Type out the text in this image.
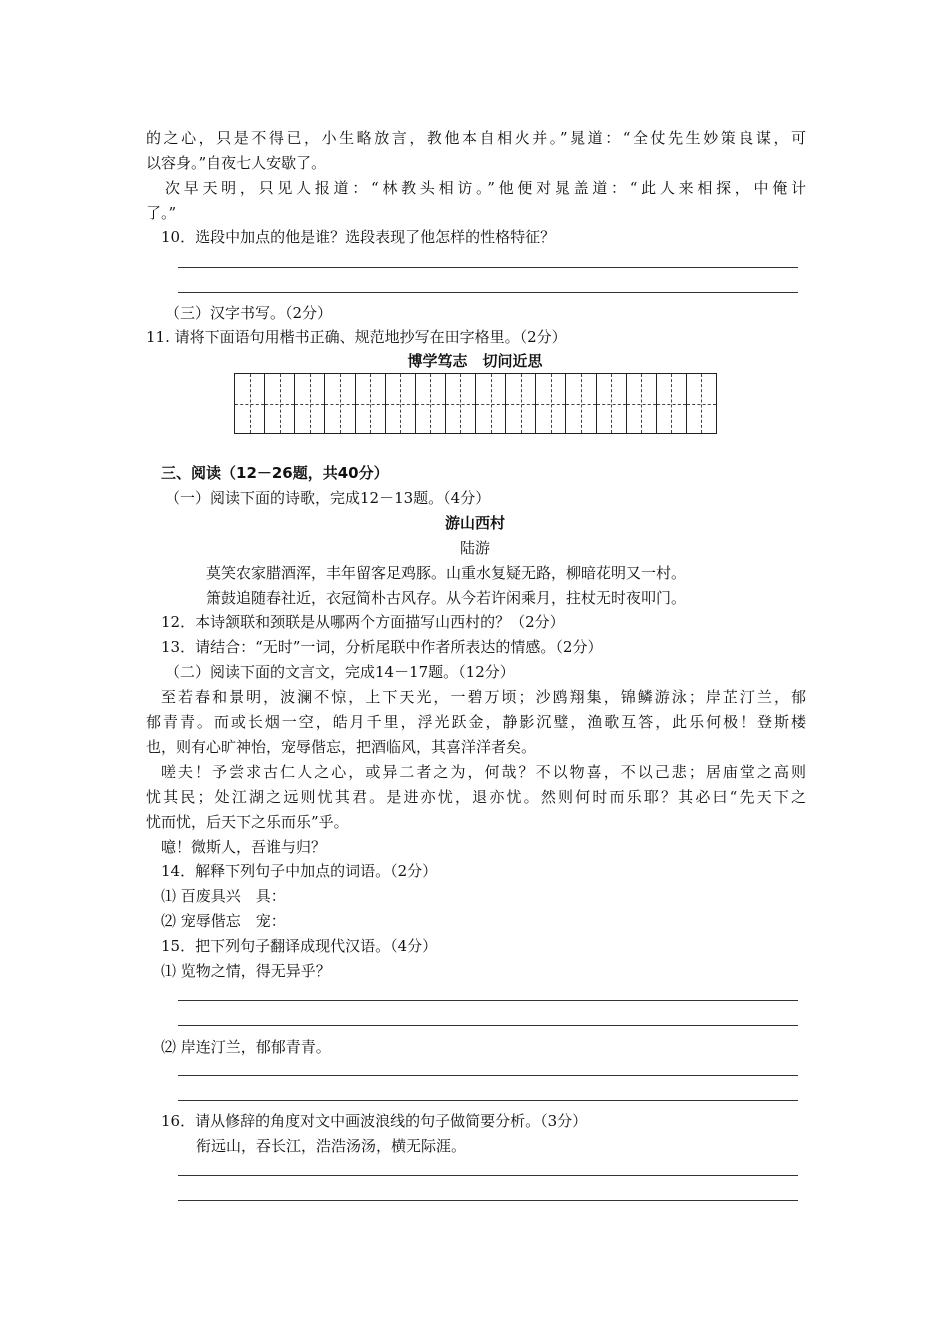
的之心，只是不得已，小生略放言，教他本自相火并。”晁道：“全仗先生妙策良谋，可
以容身。”自夜七人安歇了。
次早天明，只见人报道：“林教头相访。”他便对晁盖道：“此人来相探，中俺计
了。”
10．选段中加点的他是谁？选段表现了他怎样的性格特征？
（三）汉字书写。（2分）
11. 请将下面语句用楷书正确、规范地抄写在田字格里。（2分）
博学笃志　切问近思
三、阅读（12－26题，共40分）
（一）阅读下面的诗歌，完成12－13题。（4分）
游山西村
陆游
莫笑农家腊酒浑，丰年留客足鸡豚。山重水复疑无路，柳暗花明又一村。
箫鼓追随春社近，衣冠简朴古风存。从今若许闲乘月，拄杖无时夜叩门。
12．本诗颔联和颈联是从哪两个方面描写山西村的？（2分）
13．请结合：“无时”一词，分析尾联中作者所表达的情感。（2分）
（二）阅读下面的文言文，完成14－17题。（12分）
至若春和景明，波澜不惊，上下天光，一碧万顷；沙鸥翔集，锦鳞游泳；岸芷汀兰，郁
郁青青。而或长烟一空，皓月千里，浮光跃金，静影沉璧，渔歌互答，此乐何极！登斯楼
也，则有心旷神怡，宠辱偕忘，把酒临风，其喜洋洋者矣。
嗟夫！予尝求古仁人之心，或异二者之为，何哉？不以物喜，不以己悲；居庙堂之高则
忧其民；处江湖之远则忧其君。是进亦忧，退亦忧。然则何时而乐耶？其必曰“先天下之
忧而忧，后天下之乐而乐”乎。
噫！微斯人，吾谁与归？
14．解释下列句子中加点的词语。（2分）
⑴ 百废具兴　具：
⑵ 宠辱偕忘　宠：
15．把下列句子翻译成现代汉语。（4分）
⑴ 览物之情，得无异乎？
⑵ 岸连汀兰，郁郁青青。
16．请从修辞的角度对文中画波浪线的句子做简要分析。（3分）
衔远山，吞长江，浩浩汤汤，横无际涯。
